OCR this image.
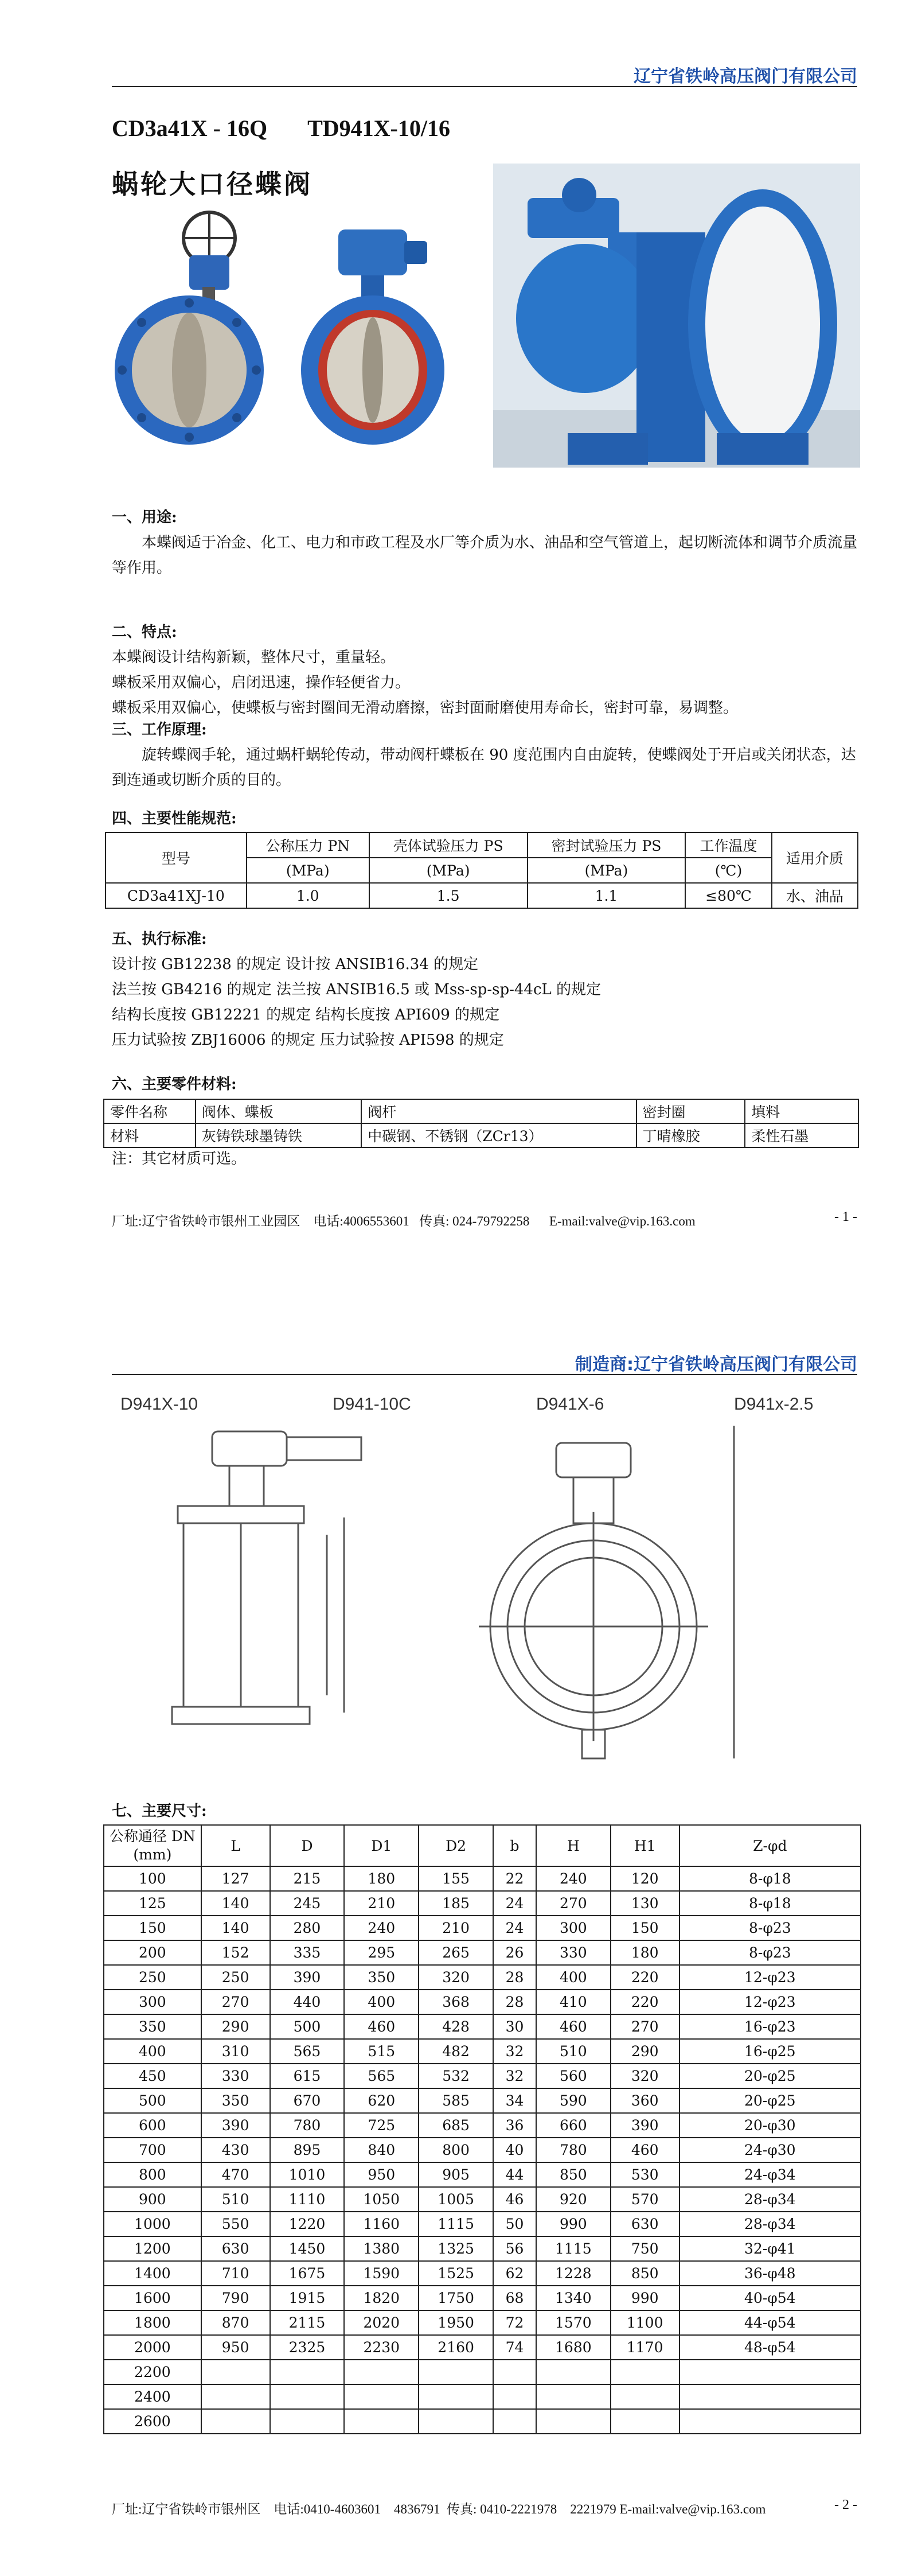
辽宁省铁岭高压阀门有限公司
CD3a41X - 16Q TD941X-10/16
蜗轮大口径蝶阀
一、用途:
本蝶阀适于冶金、化工、电力和市政工程及水厂等介质为水、油品和空气管道上，起切断流体和调节介质流量等作用。
二、特点:
本蝶阀设计结构新颖，整体尺寸，重量轻。
蝶板采用双偏心，启闭迅速，操作轻便省力。
蝶板采用双偏心，使蝶板与密封圈间无滑动磨擦，密封面耐磨使用寿命长，密封可靠，易调整。
三、工作原理:
旋转蝶阀手轮，通过蜗杆蜗轮传动，带动阀杆蝶板在 90 度范围内自由旋转，使蝶阀处于开启或关闭状态，达到连通或切断介质的目的。
四、主要性能规范:
型号	公称压力 PN	壳体试验压力 PS	密封试验压力 PS	工作温度	适用介质
	(MPa)	(MPa)	(MPa)	(℃)	
CD3a41XJ-10	1.0	1.5	1.1	≤80℃	水、油品
五、执行标准:
设计按 GB12238 的规定 设计按 ANSIB16.34 的规定
法兰按 GB4216 的规定 法兰按 ANSIB16.5 或 Mss-sp-sp-44cL 的规定
结构长度按 GB12221 的规定 结构长度按 API609 的规定
压力试验按 ZBJ16006 的规定 压力试验按 API598 的规定
六、主要零件材料:
零件名称	阀体、蝶板	阀杆	密封圈	填料
材料	灰铸铁球墨铸铁	中碳钢、不锈钢（ZCr13）	丁晴橡胶	柔性石墨
注：其它材质可选。
厂址:辽宁省铁岭市银州工业园区    电话:4006553601   传真: 024-79792258      E-mail:valve@vip.163.com	- 1 -
制造商:辽宁省铁岭高压阀门有限公司
D941X-10	D941-10C	D941X-6	D941x-2.5
七、主要尺寸:
公称通径 DN
(mm)	L	D	D1	D2	b	H	H1	Z-φd
100	127	215	180	155	22	240	120	8-φ18
125	140	245	210	185	24	270	130	8-φ18
150	140	280	240	210	24	300	150	8-φ23
200	152	335	295	265	26	330	180	8-φ23
250	250	390	350	320	28	400	220	12-φ23
300	270	440	400	368	28	410	220	12-φ23
350	290	500	460	428	30	460	270	16-φ23
400	310	565	515	482	32	510	290	16-φ25
450	330	615	565	532	32	560	320	20-φ25
500	350	670	620	585	34	590	360	20-φ25
600	390	780	725	685	36	660	390	20-φ30
700	430	895	840	800	40	780	460	24-φ30
800	470	1010	950	905	44	850	530	24-φ34
900	510	1110	1050	1005	46	920	570	28-φ34
1000	550	1220	1160	1115	50	990	630	28-φ34
1200	630	1450	1380	1325	56	1115	750	32-φ41
1400	710	1675	1590	1525	62	1228	850	36-φ48
1600	790	1915	1820	1750	68	1340	990	40-φ54
1800	870	2115	2020	1950	72	1570	1100	44-φ54
2000	950	2325	2230	2160	74	1680	1170	48-φ54
2200								
2400								
2600								
厂址:辽宁省铁岭市银州区    电话:0410-4603601    4836791  传真: 0410-2221978    2221979 E-mail:valve@vip.163.com	- 2 -
